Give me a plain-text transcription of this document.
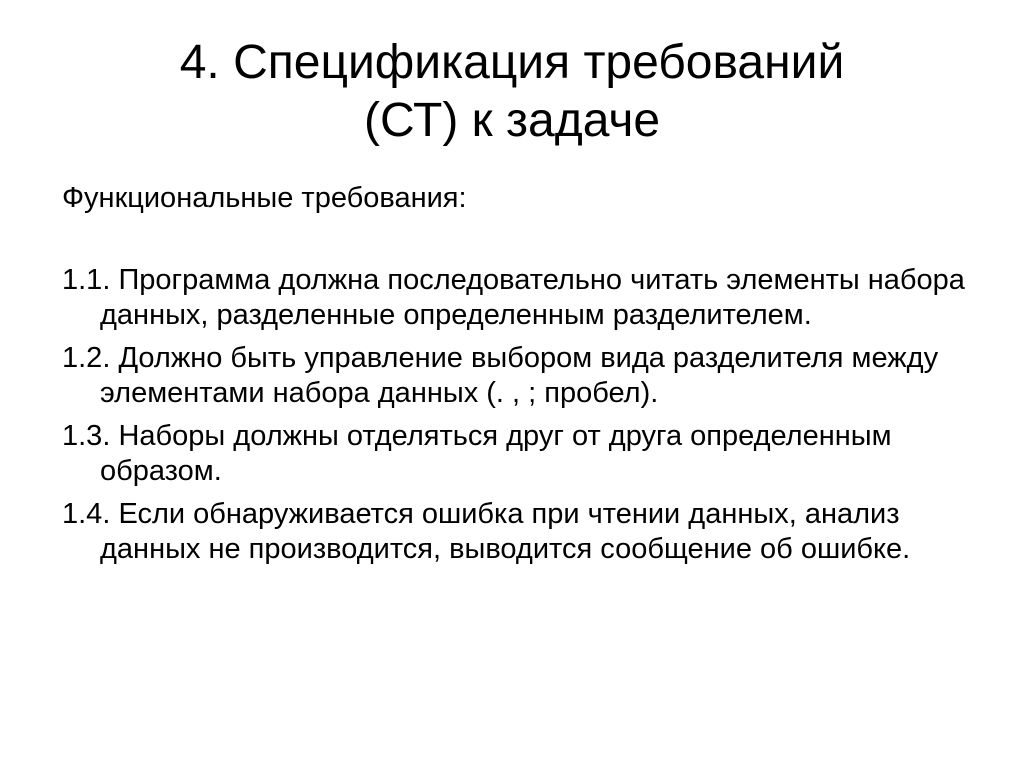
4. Спецификация требований
(СТ) к задаче

Функциональные требования:

1.1. Программа должна последовательно читать элементы набора данных, разделенные определенным разделителем.
1.2. Должно быть управление выбором вида разделителя между элементами набора данных (. , ; пробел).
1.3. Наборы должны отделяться друг от друга определенным образом.
1.4. Если обнаруживается ошибка при чтении данных, анализ данных не производится, выводится сообщение об ошибке.
